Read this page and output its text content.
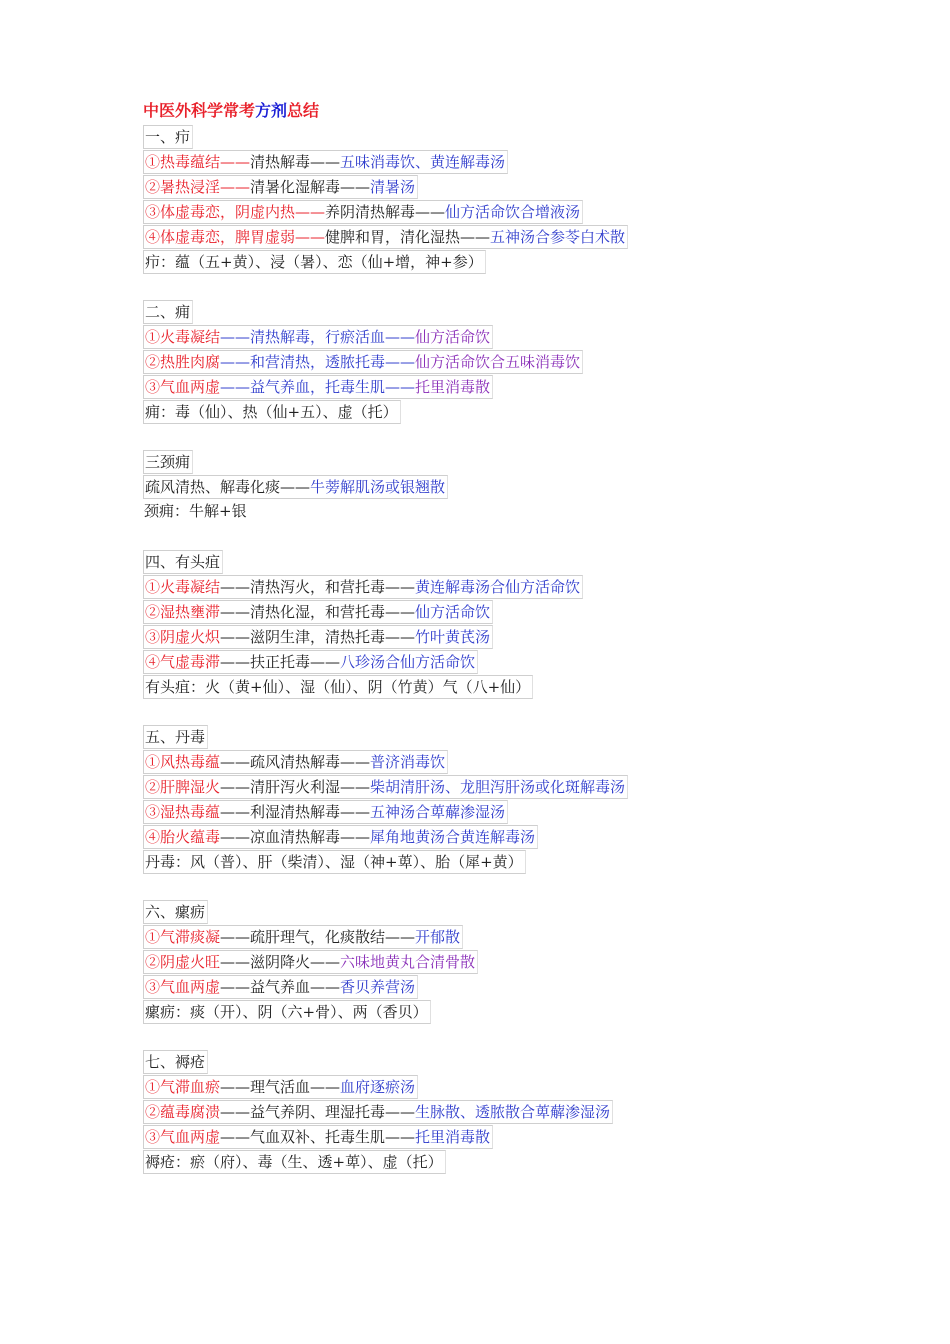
中医外科学常考方剂总结
一、疖
①热毒蕴结——清热解毒——五味消毒饮、黄连解毒汤
②暑热浸淫——清暑化湿解毒——清暑汤
③体虚毒恋，阴虚内热——养阴清热解毒——仙方活命饮合增液汤
④体虚毒恋，脾胃虚弱——健脾和胃，清化湿热——五神汤合参苓白术散
疖：蕴（五+黄）、浸（暑）、恋（仙+增，神+参）
二、痈
①火毒凝结——清热解毒，行瘀活血——仙方活命饮
②热胜肉腐——和营清热，透脓托毒——仙方活命饮合五味消毒饮
③气血两虚——益气养血，托毒生肌——托里消毒散
痈：毒（仙）、热（仙+五）、虚（托）
三颈痈
疏风清热、解毒化痰——牛蒡解肌汤或银翘散
颈痈：牛解+银
四、有头疽
①火毒凝结——清热泻火，和营托毒——黄连解毒汤合仙方活命饮
②湿热壅滞——清热化湿，和营托毒——仙方活命饮
③阴虚火炽——滋阴生津，清热托毒——竹叶黄芪汤
④气虚毒滞——扶正托毒——八珍汤合仙方活命饮
有头疽：火（黄+仙）、湿（仙）、阴（竹黄）气（八+仙）
五、丹毒
①风热毒蕴——疏风清热解毒——普济消毒饮
②肝脾湿火——清肝泻火利湿——柴胡清肝汤、龙胆泻肝汤或化斑解毒汤
③湿热毒蕴——利湿清热解毒——五神汤合萆薢渗湿汤
④胎火蕴毒——凉血清热解毒——犀角地黄汤合黄连解毒汤
丹毒：风（普）、肝（柴清）、湿（神+萆）、胎（犀+黄）
六、瘰疬
①气滞痰凝——疏肝理气，化痰散结——开郁散
②阴虚火旺——滋阴降火——六味地黄丸合清骨散
③气血两虚——益气养血——香贝养营汤
瘰疬：痰（开）、阴（六+骨）、两（香贝）
七、褥疮
①气滞血瘀——理气活血——血府逐瘀汤
②蕴毒腐溃——益气养阴、理湿托毒——生脉散、透脓散合萆薢渗湿汤
③气血两虚——气血双补、托毒生肌——托里消毒散
褥疮：瘀（府）、毒（生、透+萆）、虚（托）
